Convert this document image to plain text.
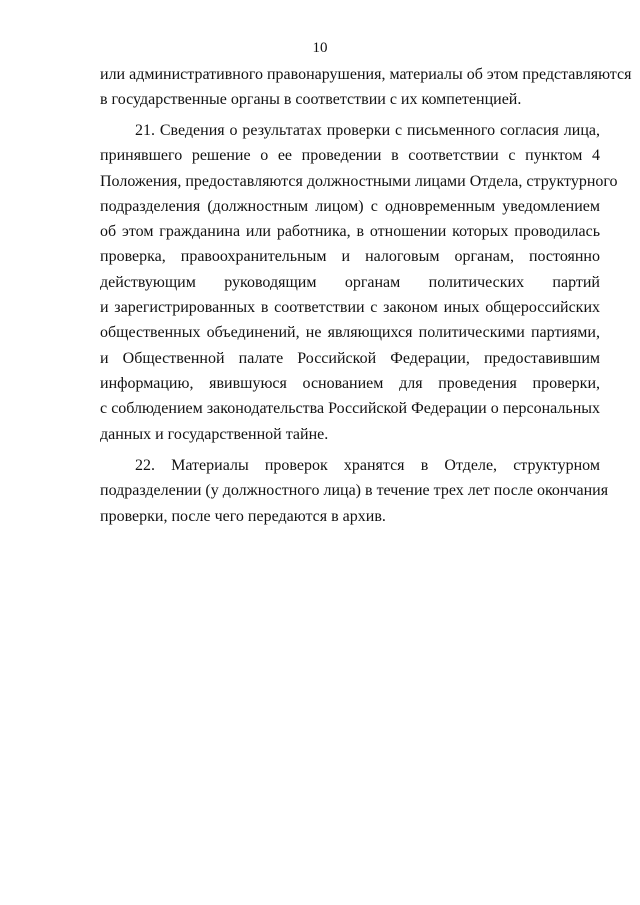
10
или административного правонарушения, материалы об этом представляются
в государственные органы в соответствии с их компетенцией.
21. Сведения о результатах проверки с письменного согласия лица,
принявшего решение о ее проведении в соответствии с пунктом 4
Положения, предоставляются должностными лицами Отдела, структурного
подразделения (должностным лицом) с одновременным уведомлением
об этом гражданина или работника, в отношении которых проводилась
проверка, правоохранительным и налоговым органам, постоянно
действующим руководящим органам политических партий
и зарегистрированных в соответствии с законом иных общероссийских
общественных объединений, не являющихся политическими партиями,
и Общественной палате Российской Федерации, предоставившим
информацию, явившуюся основанием для проведения проверки,
с соблюдением законодательства Российской Федерации о персональных
данных и государственной тайне.
22. Материалы проверок хранятся в Отделе, структурном
подразделении (у должностного лица) в течение трех лет после окончания
проверки, после чего передаются в архив.
